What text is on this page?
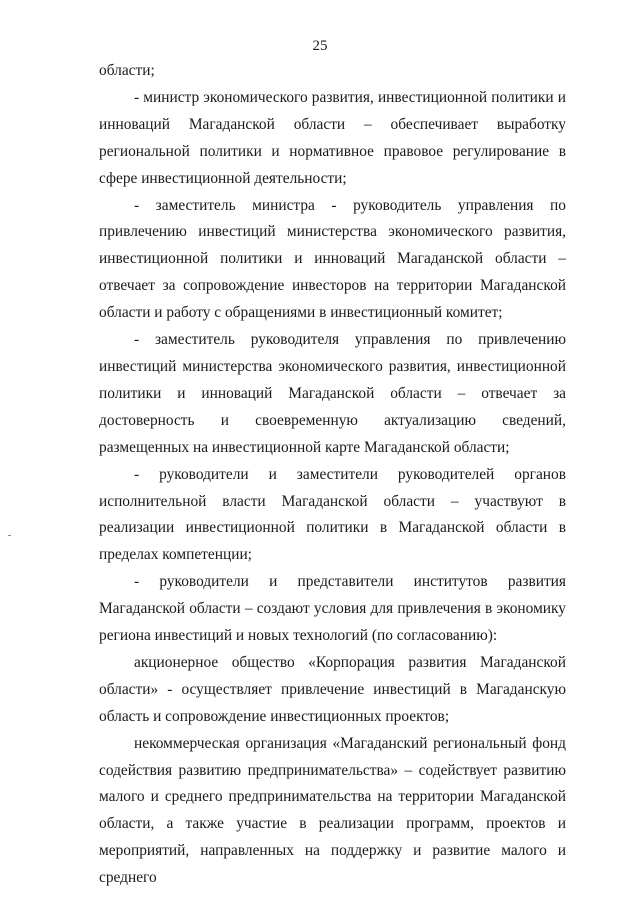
25

области;

- министр экономического развития, инвестиционной политики и инноваций Магаданской области – обеспечивает выработку региональной политики и нормативное правовое регулирование в сфере инвестиционной деятельности;

- заместитель министра - руководитель управления по привлечению инвестиций министерства экономического развития, инвестиционной политики и инноваций Магаданской области – отвечает за сопровождение инвесторов на территории Магаданской области и работу с обращениями в инвестиционный комитет;

- заместитель руководителя управления по привлечению инвестиций министерства экономического развития, инвестиционной политики и инноваций Магаданской области – отвечает за достоверность и своевременную актуализацию сведений, размещенных на инвестиционной карте Магаданской области;

- руководители и заместители руководителей органов исполнительной власти Магаданской области – участвуют в реализации инвестиционной политики в Магаданской области в пределах компетенции;

- руководители и представители институтов развития Магаданской области – создают условия для привлечения в экономику региона инвестиций и новых технологий (по согласованию):

акционерное общество «Корпорация развития Магаданской области» - осуществляет привлечение инвестиций в Магаданскую область и сопровождение инвестиционных проектов;

некоммерческая организация «Магаданский региональный фонд содействия развитию предпринимательства» – содействует развитию малого и среднего предпринимательства на территории Магаданской области, а также участие в реализации программ, проектов и мероприятий, направленных на поддержку и развитие малого и среднего
